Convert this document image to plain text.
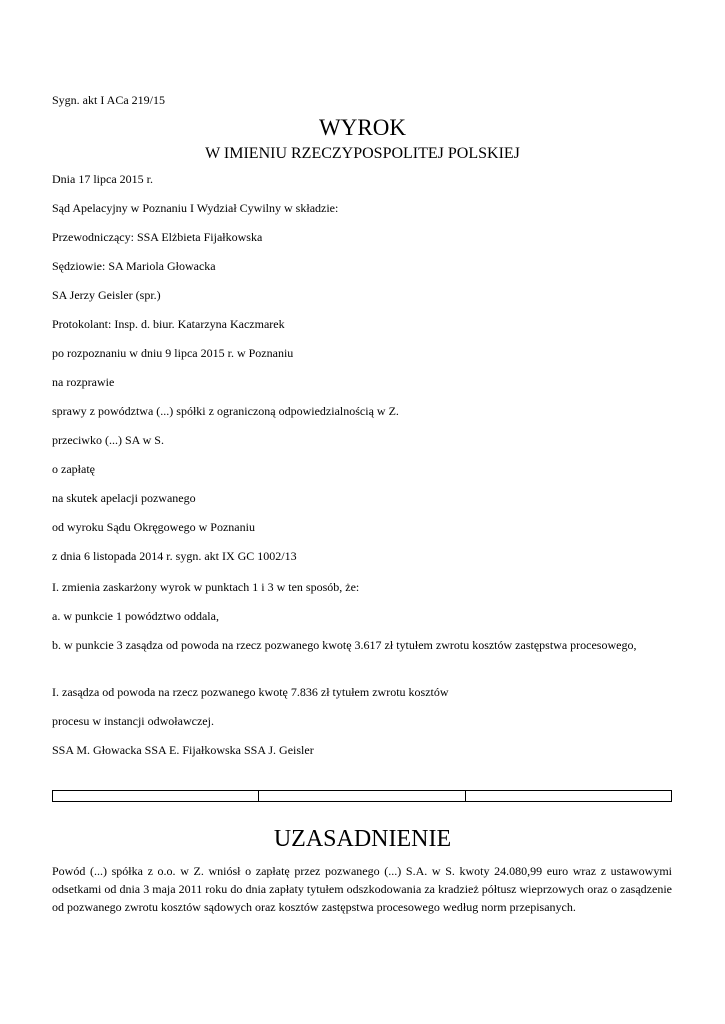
Sygn. akt I ACa 219/15
WYROK
W IMIENIU RZECZYPOSPOLITEJ POLSKIEJ
Dnia 17 lipca 2015 r.
Sąd Apelacyjny w Poznaniu I Wydział Cywilny w składzie:
Przewodniczący: SSA Elżbieta Fijałkowska
Sędziowie: SA Mariola Głowacka
SA Jerzy Geisler (spr.)
Protokolant: Insp. d. biur. Katarzyna Kaczmarek
po rozpoznaniu w dniu 9 lipca 2015 r. w Poznaniu
na rozprawie
sprawy z powództwa (...) spółki z ograniczoną odpowiedzialnością w Z.
przeciwko (...) SA w S.
o zapłatę
na skutek apelacji pozwanego
od wyroku Sądu Okręgowego w Poznaniu
z dnia 6 listopada 2014 r. sygn. akt IX GC 1002/13
I. zmienia zaskarżony wyrok w punktach 1 i 3 w ten sposób, że:
a. w punkcie 1 powództwo oddala,
b. w punkcie 3 zasądza od powoda na rzecz pozwanego kwotę 3.617 zł tytułem zwrotu kosztów zastępstwa procesowego,
I. zasądza od powoda na rzecz pozwanego kwotę 7.836 zł tytułem zwrotu kosztów
procesu w instancji odwoławczej.
SSA M. Głowacka SSA E. Fijałkowska SSA J. Geisler

UZASADNIENIE
Powód (...) spółka z o.o. w Z. wniósł o zapłatę przez pozwanego (...) S.A. w S. kwoty 24.080,99 euro wraz z ustawowymi odsetkami od dnia 3 maja 2011 roku do dnia zapłaty tytułem odszkodowania za kradzież półtusz wieprzowych oraz o zasądzenie od pozwanego zwrotu kosztów sądowych oraz kosztów zastępstwa procesowego według norm przepisanych.
